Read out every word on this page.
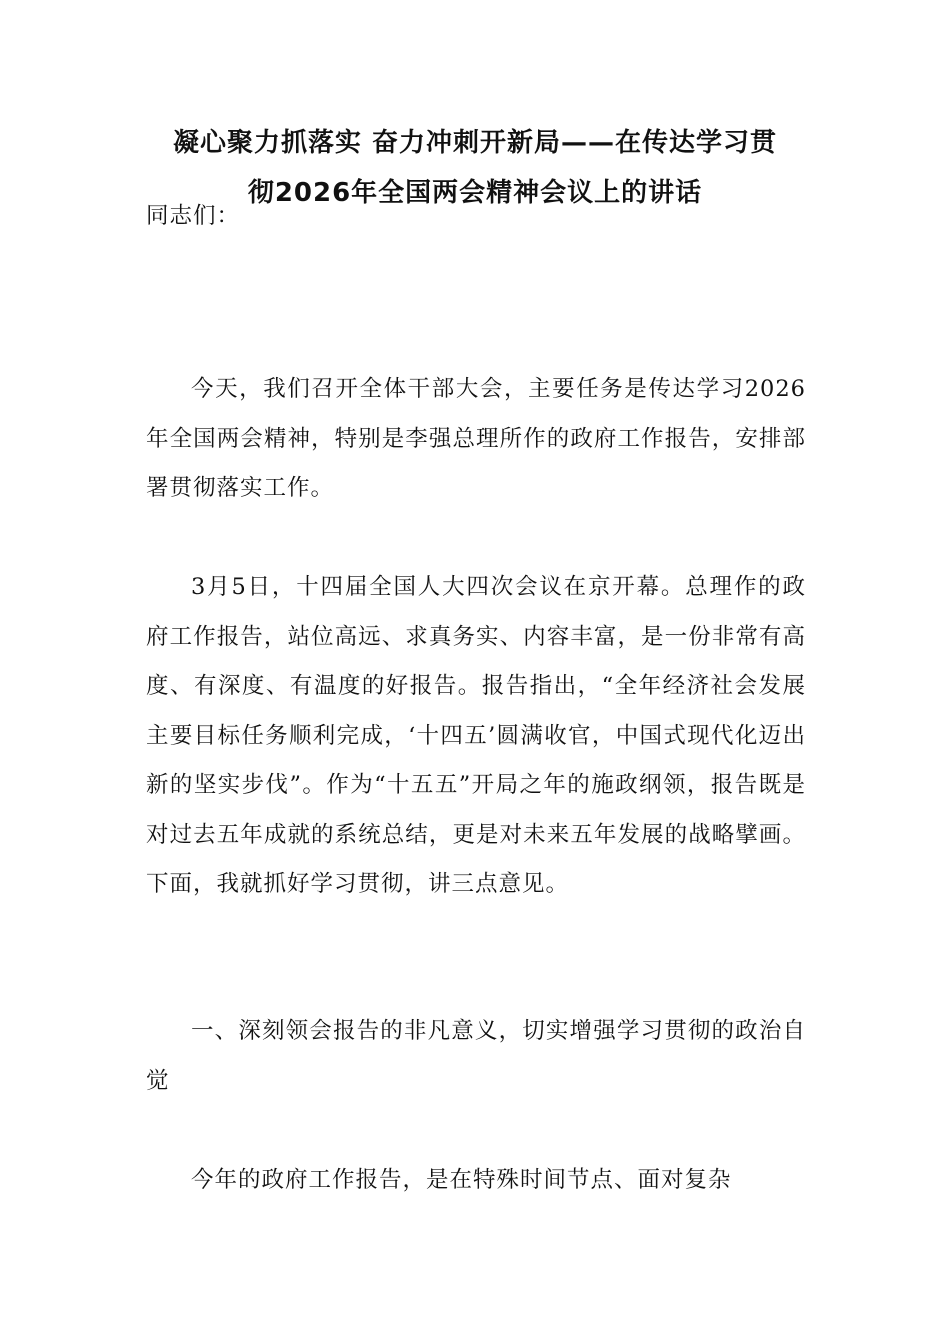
凝心聚力抓落实 奋力冲刺开新局——在传达学习贯
彻2026年全国两会精神会议上的讲话
同志们：
今天，我们召开全体干部大会，主要任务是传达学习2026年全国两会精神，特别是李强总理所作的政府工作报告，安排部署贯彻落实工作。
3月5日，十四届全国人大四次会议在京开幕。总理作的政府工作报告，站位高远、求真务实、内容丰富，是一份非常有高度、有深度、有温度的好报告。报告指出，“全年经济社会发展主要目标任务顺利完成，‘十四五’圆满收官，中国式现代化迈出新的坚实步伐”。作为“十五五”开局之年的施政纲领，报告既是对过去五年成就的系统总结，更是对未来五年发展的战略擘画。下面，我就抓好学习贯彻，讲三点意见。
一、深刻领会报告的非凡意义，切实增强学习贯彻的政治自觉
今年的政府工作报告，是在特殊时间节点、面对复杂
